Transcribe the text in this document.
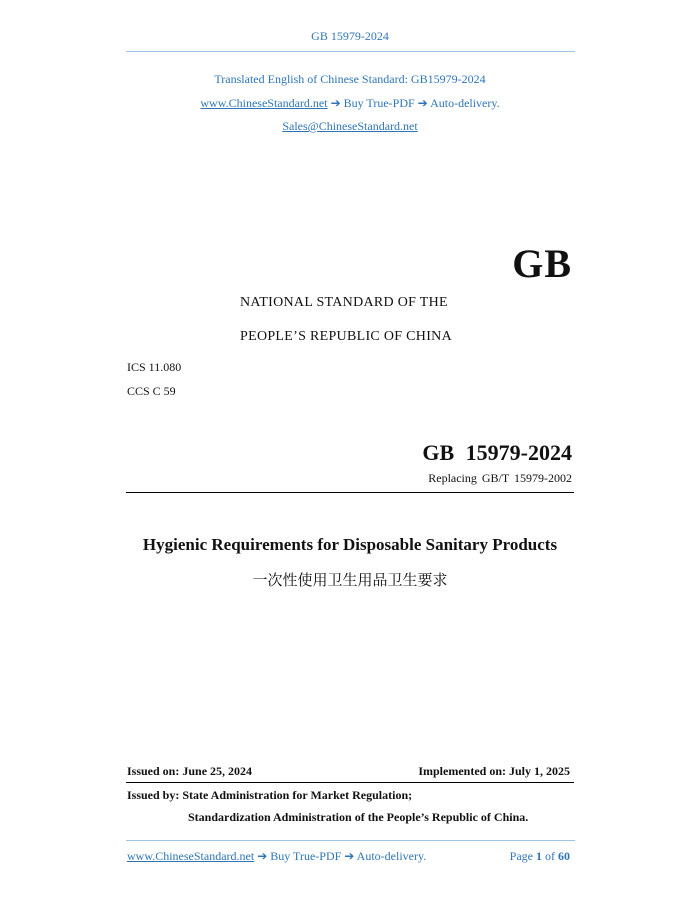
GB 15979-2024
Translated English of Chinese Standard: GB15979-2024
www.ChineseStandard.net ➔ Buy True-PDF ➔ Auto-delivery.
Sales@ChineseStandard.net
GB
NATIONAL STANDARD OF THE
PEOPLE’S REPUBLIC OF CHINA
ICS 11.080
CCS C 59
GB 15979-2024
Replacing GB/T 15979-2002
Hygienic Requirements for Disposable Sanitary Products
一次性使用卫生用品卫生要求
Issued on: June 25, 2024	Implemented on: July 1, 2025
Issued by: State Administration for Market Regulation;
Standardization Administration of the People’s Republic of China.
www.ChineseStandard.net ➔ Buy True-PDF ➔ Auto-delivery.	Page 1 of 60
